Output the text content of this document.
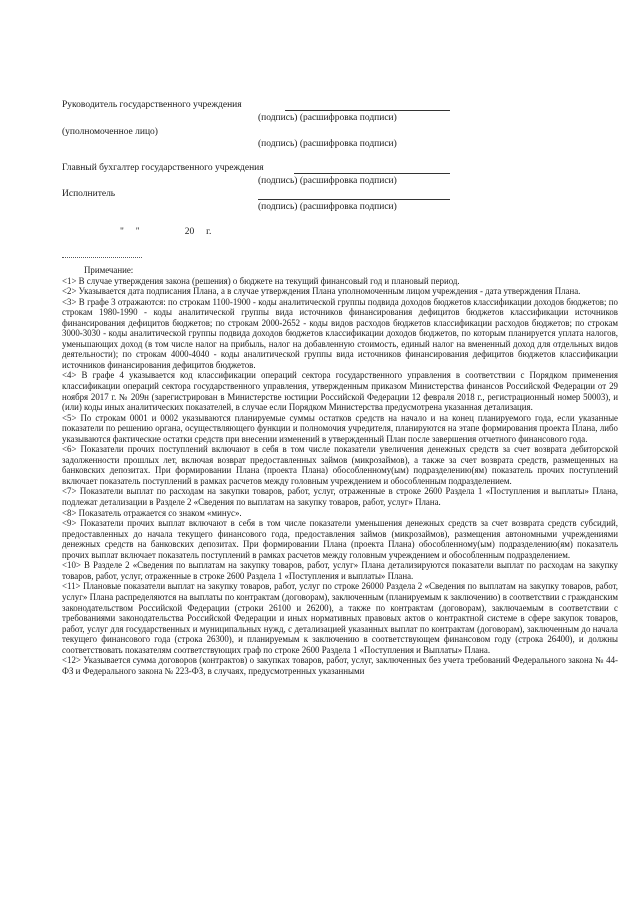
Руководитель государственного учреждения
(подпись) (расшифровка подписи)
(уполномоченное лицо)
(подпись) (расшифровка подписи)
Главный бухгалтер государственного учреждения
(подпись) (расшифровка подписи)
Исполнитель
(подпись) (расшифровка подписи)
"     "                   20     г.

Примечание:

<1> В случае утверждения закона (решения) о бюджете на текущий финансовый год и плановый период.

<2> Указывается дата подписания Плана, а в случае утверждения Плана уполномоченным лицом учреждения - дата утверждения Плана.

<3> В графе 3 отражаются: по строкам 1100-1900 - коды аналитической группы подвида доходов бюджетов классификации доходов бюджетов; по строкам 1980-1990 - коды аналитической группы вида источников финансирования дефицитов бюджетов классификации источников финансирования дефицитов бюджетов; по строкам 2000-2652 - коды видов расходов бюджетов классификации расходов бюджетов; по строкам 3000-3030 - коды аналитической группы подвида доходов бюджетов классификации доходов бюджетов, по которым планируется уплата налогов, уменьшающих доход (в том числе налог на прибыль, налог на добавленную стоимость, единый налог на вмененный доход для отдельных видов деятельности); по строкам 4000-4040 - коды аналитической группы вида источников финансирования дефицитов бюджетов классификации источников финансирования дефицитов бюджетов.

<4> В графе 4 указывается код классификации операций сектора государственного управления в соответствии с Порядком применения классификации операций сектора государственного управления, утвержденным приказом Министерства финансов Российской Федерации от 29 ноября 2017 г. № 209н (зарегистрирован в Министерстве юстиции Российской Федерации 12 февраля 2018 г., регистрационный номер 50003), и (или) коды иных аналитических показателей, в случае если Порядком Министерства предусмотрена указанная детализация.

<5> По строкам 0001 и 0002 указываются планируемые суммы остатков средств на начало и на конец планируемого года, если указанные показатели по решению органа, осуществляющего функции и полномочия учредителя, планируются на этапе формирования проекта Плана, либо указываются фактические остатки средств при внесении изменений в утвержденный План после завершения отчетного финансового года.

<6> Показатели прочих поступлений включают в себя в том числе показатели увеличения денежных средств за счет возврата дебиторской задолженности прошлых лет, включая возврат предоставленных займов (микрозаймов), а также за счет возврата средств, размещенных на банковских депозитах. При формировании Плана (проекта Плана) обособленному(ым) подразделению(ям) показатель прочих поступлений включает показатель поступлений в рамках расчетов между головным учреждением и обособленным подразделением.

<7> Показатели выплат по расходам на закупки товаров, работ, услуг, отраженные в строке 2600 Раздела 1 «Поступления и выплаты» Плана, подлежат детализации в Разделе 2 «Сведения по выплатам на закупку товаров, работ, услуг» Плана.

<8> Показатель отражается со знаком «минус».

<9> Показатели прочих выплат включают в себя в том числе показатели уменьшения денежных средств за счет возврата средств субсидий, предоставленных до начала текущего финансового года, предоставления займов (микрозаймов), размещения автономными учреждениями денежных средств на банковских депозитах. При формировании Плана (проекта Плана) обособленному(ым) подразделению(ям) показатель прочих выплат включает показатель поступлений в рамках расчетов между головным учреждением и обособленным подразделением.

<10> В Разделе 2 «Сведения по выплатам на закупку товаров, работ, услуг» Плана детализируются показатели выплат по расходам на закупку товаров, работ, услуг, отраженные в строке 2600 Раздела 1 «Поступления и выплаты» Плана.

<11> Плановые показатели выплат на закупку товаров, работ, услуг по строке 26000 Раздела 2 «Сведения по выплатам на закупку товаров, работ, услуг» Плана распределяются на выплаты по контрактам (договорам), заключенным (планируемым к заключению) в соответствии с гражданским законодательством Российской Федерации (строки 26100 и 26200), а также по контрактам (договорам), заключаемым в соответствии с требованиями законодательства Российской Федерации и иных нормативных правовых актов о контрактной системе в сфере закупок товаров, работ, услуг для государственных и муниципальных нужд, с детализацией указанных выплат по контрактам (договорам), заключенным до начала текущего финансового года (строка 26300), и планируемым к заключению в соответствующем финансовом году (строка 26400), и должны соответствовать показателям соответствующих граф по строке 2600 Раздела 1 «Поступления и Выплаты» Плана.

<12> Указывается сумма договоров (контрактов) о закупках товаров, работ, услуг, заключенных без учета требований Федерального закона № 44-ФЗ и Федерального закона № 223-ФЗ, в случаях, предусмотренных указанными
